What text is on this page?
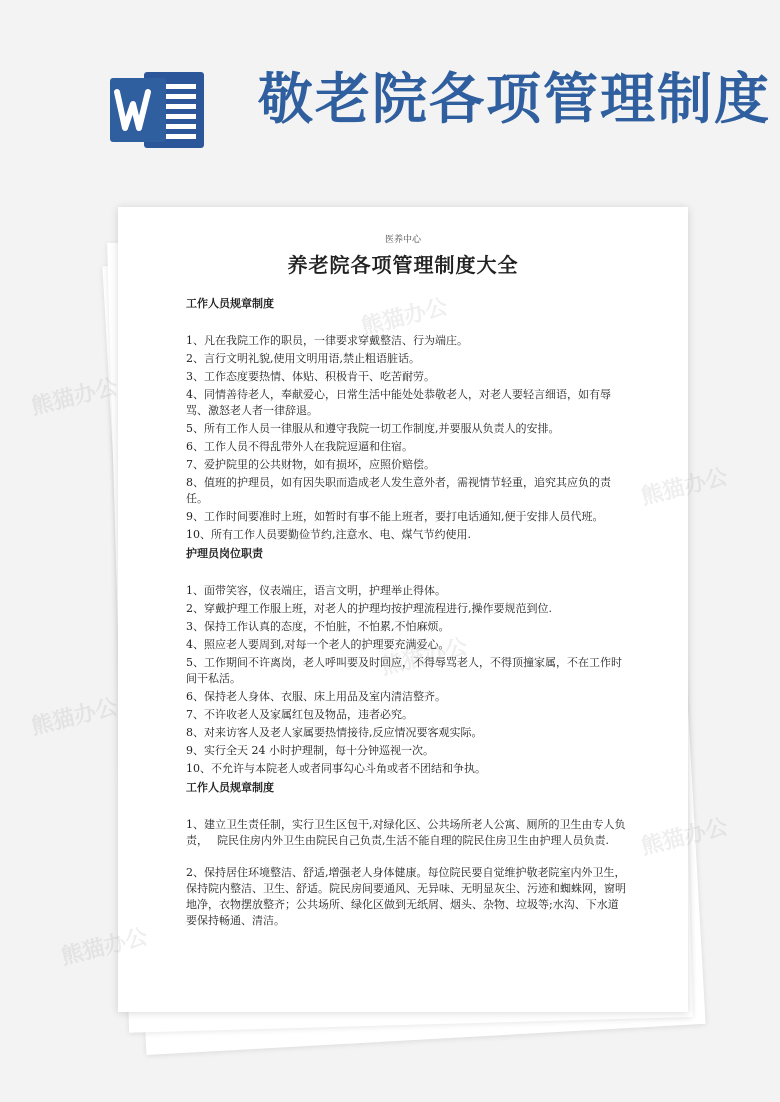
敬老院各项管理制度
医养中心
养老院各项管理制度大全
工作人员规章制度

1、凡在我院工作的职员，一律要求穿戴整洁、行为端庄。

2、言行文明礼貌,使用文明用语,禁止粗语脏话。

3、工作态度要热情、体贴、积极肯干、吃苦耐劳。

4、同情善待老人，奉献爱心，日常生活中能处处恭敬老人，对老人要轻言细语，如有辱骂、激怒老人者一律辞退。

5、所有工作人员一律服从和遵守我院一切工作制度,并要服从负责人的安排。

6、工作人员不得乱带外人在我院逗逼和住宿。

7、爱护院里的公共财物，如有损坏，应照价赔偿。

8、值班的护理员，如有因失职而造成老人发生意外者，需视情节轻重，追究其应负的责任。

9、工作时间要准时上班，如暂时有事不能上班者，要打电话通知,便于安排人员代班。

10、所有工作人员要勤俭节约,注意水、电、煤气节约使用.

护理员岗位职责

1、面带笑容，仪表端庄，语言文明，护理举止得体。

2、穿戴护理工作服上班，对老人的护理均按护理流程进行,操作要规范到位.

3、保持工作认真的态度，不怕脏，不怕累,不怕麻烦。

4、照应老人要周到,对每一个老人的护理要充满爱心。

5、工作期间不许离岗，老人呼叫要及时回应，不得辱骂老人，不得顶撞家属，不在工作时间干私活。

6、保持老人身体、衣服、床上用品及室内清洁整齐。

7、不许收老人及家属红包及物品，违者必究。

8、对来访客人及老人家属要热情接待,反应情况要客观实际。

9、实行全天 24 小时护理制，每十分钟巡视一次。

10、不允许与本院老人或者同事勾心斗角或者不团结和争执。

工作人员规章制度

1、建立卫生责任制，实行卫生区包干,对绿化区、公共场所老人公寓、厕所的卫生由专人负责，　 院民住房内外卫生由院民自己负责,生活不能自理的院民住房卫生由护理人员负责.

2、保持居住环境整洁、舒适,增强老人身体健康。每位院民要自觉维护敬老院室内外卫生，保持院内整洁、卫生、舒适。院民房间要通风、无异味、无明显灰尘、污迹和蜘蛛网，窗明地净，衣物摆放整齐；公共场所、绿化区做到无纸屑、烟头、杂物、垃圾等;水沟、下水道要保持畅通、清洁。

熊猫办公
熊猫办公
熊猫办公
